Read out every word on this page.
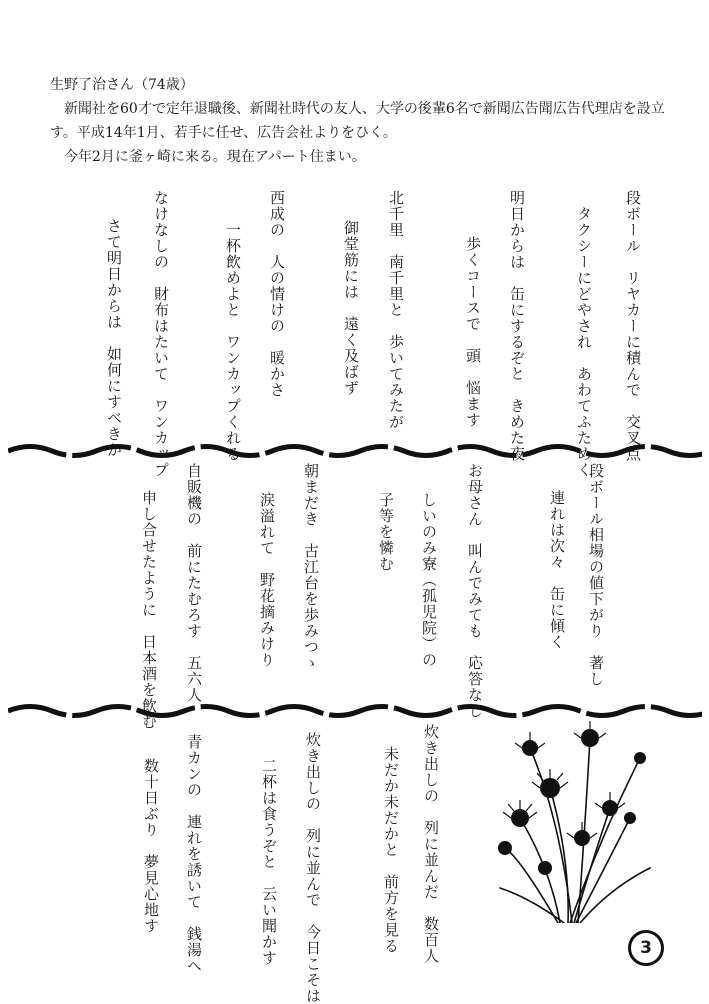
生野了治さん（74歳）
新聞社を60才で定年退職後、新聞社時代の友人、大学の後輩6名で新聞広告聞広告代理店を設立す。平成14年1月、若手に任せ、広告会社よりをひく。
今年2月に釜ヶ崎に来る。現在アパート住まい。
段ボール　リヤカーに積んで　交叉点
タクシーにどやされ　あわてふためく
明日からは　缶にするぞと　きめた夜
歩くコースで　頭　悩ます
北千里　南千里と　歩いてみたが
御堂筋には　遠く及ばず
西成の　人の情けの　暖かさ
一杯飲めよと　ワンカップくれる
なけなしの　財布はたいて　ワンカップ
さて明日からは　如何にすべきか
段ボール相場の値下がり　著し
連れは次々　缶に傾く
お母さん　叫んでみても　応答なし
しいのみ寮（孤児院）の
子等を憐む
朝まだき　古江台を歩みつゝ
涙溢れて　野花摘みけり
自販機の　前にたむろす　五六人
申し合せたように　日本酒を飲む
炊き出しの　列に並んだ　数百人
未だか未だかと　前方を見る
炊き出しの　列に並んで　今日こそは
二杯は食うぞと　云い聞かす
青カンの　連れを誘いて　銭湯へ
数十日ぶり　夢見心地す
3
